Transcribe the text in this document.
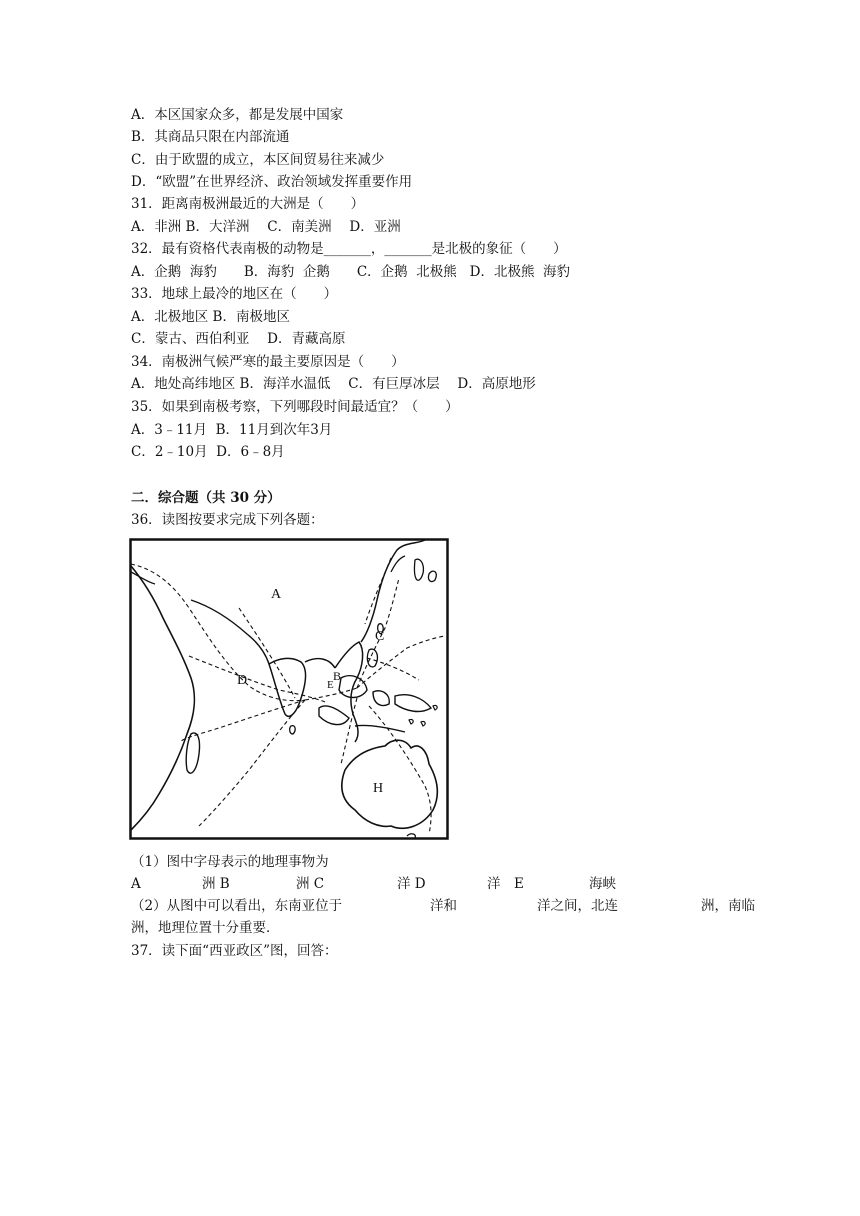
A．本区国家众多，都是发展中国家
B．其商品只限在内部流通
C．由于欧盟的成立，本区间贸易往来减少
D．“欧盟”在世界经济、政治领域发挥重要作用
31．距离南极洲最近的大洲是（　　）
A．非洲 B．大洋洲　 C．南美洲　 D．亚洲
32．最有资格代表南极的动物是_______，_______是北极的象征（　　）
A．企鹅  海豹　　B．海豹  企鹅　　C．企鹅  北极熊   D．北极熊  海豹
33．地球上最冷的地区在（　　）
A．北极地区 B．南极地区
C．蒙古、西伯利亚　 D．青藏高原
34．南极洲气候严寒的最主要原因是（　　）
A．地处高纬地区 B．海洋水温低　 C．有巨厚冰层　 D．高原地形
35．如果到南极考察，下列哪段时间最适宜？（　　）
A．3﹣11月  B．11月到次年3月
C．2﹣10月  D．6﹣8月
二．综合题（共 30 分）
36．读图按要求完成下列各题：
A
B
C
D	E
H
（1）图中字母表示的地理事物为
A	洲 B	洲 C	洋 D	洋　E	海峡
（2）从图中可以看出，东南亚位于	洋和	洋之间，北连	洲，南临
洲，地理位置十分重要．
37．读下面“西亚政区”图，回答：
